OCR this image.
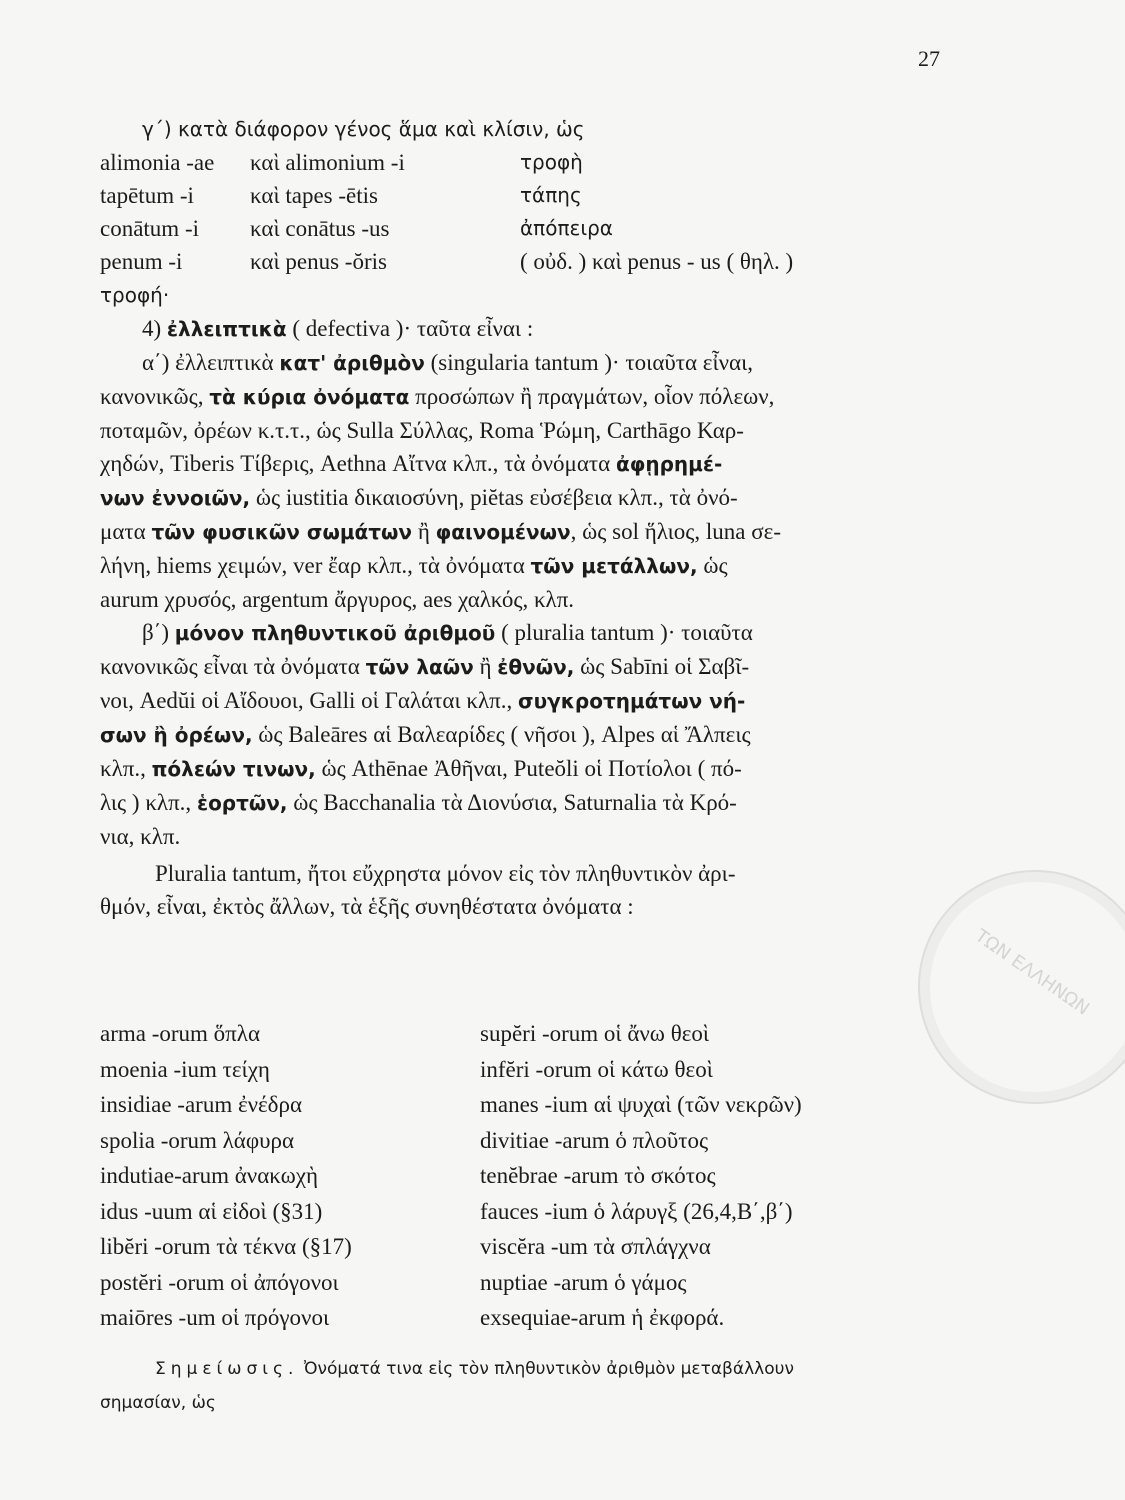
27
ΤΩΝ ΕΛΛΗΝΩΝ
γ΄) κατὰ διάφορον γένος ἅμα καὶ κλίσιν, ὡς
alimonia -ae	καὶ alimonium -i	τροφὴ
tapētum -i	καὶ tapes -ētis	τάπης
conātum -i	καὶ conātus -us	ἀπόπειρα
penum -i	καὶ penus -ŏris	( οὐδ. ) καὶ penus - us ( θηλ. )
τροφή·
4) ἐλλειπτικὰ ( defectiva )· ταῦτα εἶναι :
α΄) ἐλλειπτικὰ κατ' ἀριθμὸν (singularia tantum )· τοιαῦτα εἶναι,
κανονικῶς, τὰ κύρια ὀνόματα προσώπων ἢ πραγμάτων, οἷον πόλεων,
ποταμῶν, ὀρέων κ.τ.τ., ὡς Sulla Σύλλας, Roma Ῥώμη, Carthāgo Καρ-
χηδών, Tiberis Τίβερις, Aethna Αἴτνα κλπ., τὰ ὀνόματα ἀφῃρημέ-
νων ἐννοιῶν, ὡς iustitia δικαιοσύνη, piĕtas εὐσέβεια κλπ., τὰ ὀνό-
ματα τῶν φυσικῶν σωμάτων ἢ φαινομένων, ὡς sol ἥλιος, luna σε-
λήνη, hiems χειμών, ver ἔαρ κλπ., τὰ ὀνόματα τῶν μετάλλων, ὡς
aurum χρυσός, argentum ἄργυρος, aes χαλκός, κλπ.
β΄) μόνον πληθυντικοῦ ἀριθμοῦ ( pluralia tantum )· τοιαῦτα
κανονικῶς εἶναι τὰ ὀνόματα τῶν λαῶν ἢ ἐθνῶν, ὡς Sabīni οἱ Σαβῖ-
νοι, Aedŭi οἱ Αἴδουοι, Galli οἱ Γαλάται κλπ., συγκροτημάτων νή-
σων ἢ ὀρέων, ὡς Baleāres αἱ Βαλεαρίδες ( νῆσοι ), Alpes αἱ Ἄλπεις
κλπ., πόλεών τινων, ὡς Athēnae Ἀθῆναι, Puteŏli οἱ Ποτίολοι ( πό-
λις ) κλπ., ἑορτῶν, ὡς Bacchanalia τὰ Διονύσια, Saturnalia τὰ Κρό-
νια, κλπ.
Pluralia tantum, ἤτοι εὔχρηστα μόνον εἰς τὸν πληθυντικὸν ἀρι-
θμόν, εἶναι, ἐκτὸς ἄλλων, τὰ ἑξῆς συνηθέστατα ὀνόματα :
arma -orum ὅπλα	supĕri -orum οἱ ἄνω θεοὶ
moenia -ium τείχη	infĕri -orum οἱ κάτω θεοὶ
insidiae -arum ἐνέδρα	manes -ium αἱ ψυχαὶ (τῶν νεκρῶν)
spolia -orum λάφυρα	divitiae -arum ὁ πλοῦτος
indutiae-arum ἀνακωχὴ	tenĕbrae -arum τὸ σκότος
idus -uum αἱ εἰδοὶ (§31)	fauces -ium ὁ λάρυγξ (26,4,Β΄,β΄)
libĕri -orum τὰ τέκνα (§17)	viscĕra -um τὰ σπλάγχνα
postĕri -orum οἱ ἀπόγονοι	nuptiae -arum ὁ γάμος
maiōres -um οἱ πρόγονοι	exsequiae-arum ἡ ἐκφορά.
Σημείωσις. Ὀνόματά τινα εἰς τὸν πληθυντικὸν ἀριθμὸν μεταβάλλουν
σημασίαν, ὡς
